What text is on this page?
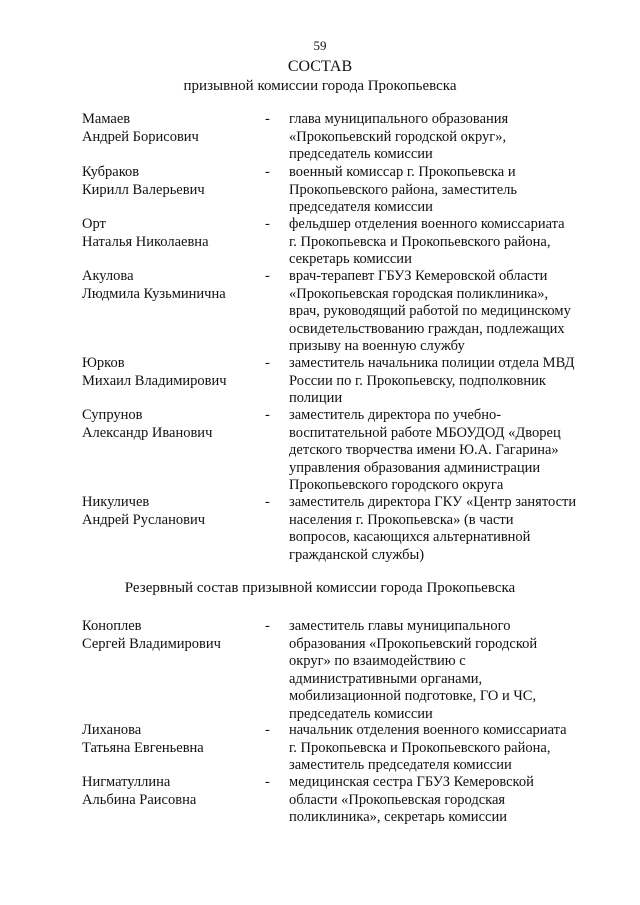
59
СОСТАВ
призывной комиссии города Прокопьевска
Мамаев
Андрей Борисович
- глава муниципального образования
«Прокопьевский городской округ»,
председатель комиссии
Кубраков
Кирилл Валерьевич
- военный комиссар г. Прокопьевска и
Прокопьевского района, заместитель
председателя комиссии
Орт
Наталья Николаевна
- фельдшер отделения военного комиссариата
г. Прокопьевска и Прокопьевского района,
секретарь комиссии
Акулова
Людмила Кузьминична
- врач-терапевт ГБУЗ Кемеровской области
«Прокопьевская городская поликлиника»,
врач, руководящий работой по медицинскому
освидетельствованию граждан, подлежащих
призыву на военную службу
Юрков
Михаил Владимирович
- заместитель начальника полиции отдела МВД
России по г. Прокопьевску, подполковник
полиции
Супрунов
Александр Иванович
- заместитель директора по учебно-
воспитательной работе МБОУДОД «Дворец
детского творчества имени Ю.А. Гагарина»
управления образования администрации
Прокопьевского городского округа
Никуличев
Андрей Русланович
- заместитель директора ГКУ «Центр занятости
населения г. Прокопьевска» (в части
вопросов, касающихся альтернативной
гражданской службы)
Резервный состав призывной комиссии города Прокопьевска
Коноплев
Сергей Владимирович
- заместитель главы муниципального
образования «Прокопьевский городской
округ» по взаимодействию с
административными органами,
мобилизационной подготовке, ГО и ЧС,
председатель комиссии
Лиханова
Татьяна Евгеньевна
- начальник отделения военного комиссариата
г. Прокопьевска и Прокопьевского района,
заместитель председателя комиссии
Нигматуллина
Альбина Раисовна
- медицинская сестра ГБУЗ Кемеровской
области «Прокопьевская городская
поликлиника», секретарь комиссии
